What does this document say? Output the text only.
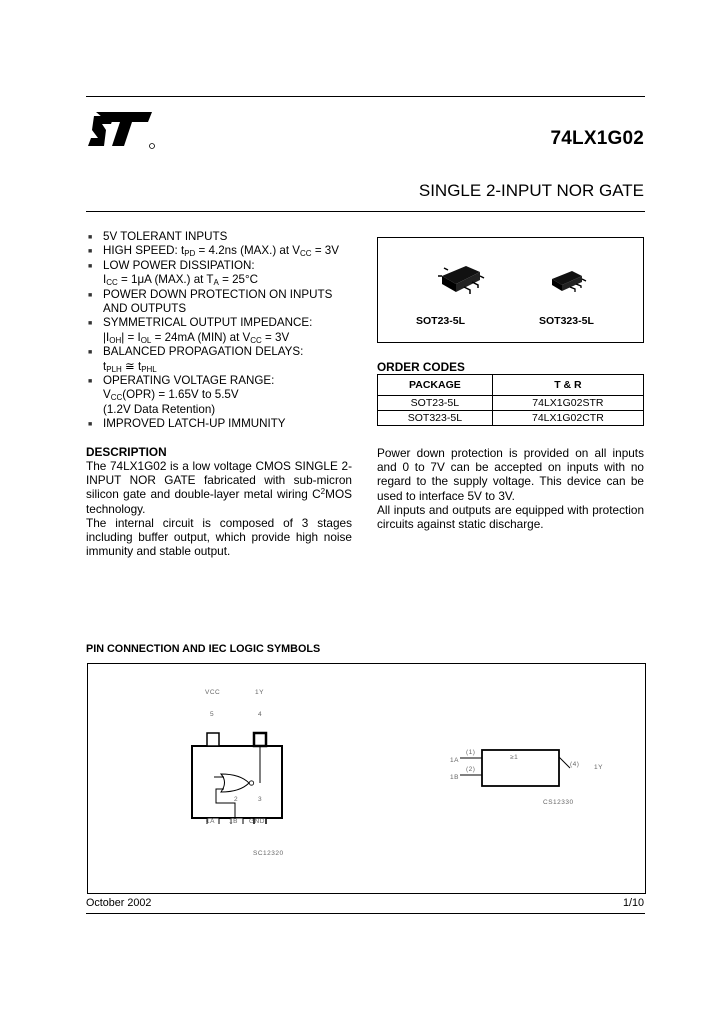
74LX1G02
SINGLE 2-INPUT NOR GATE
■ 5V TOLERANT INPUTS
■ HIGH SPEED: $t_{PD} = 4.2ns$ (MAX.) at $V_{CC} = 3V$
■ LOW POWER DISSIPATION:
$I_{CC} = 1\mu A$ (MAX.) at $T_A = 25^\circ C$
■ POWER DOWN PROTECTION ON INPUTS
AND OUTPUTS
■ SYMMETRICAL OUTPUT IMPEDANCE:
$|I_{OH}| = I_{OL} = 24mA$ (MIN) at $V_{CC} = 3V$
■ BALANCED PROPAGATION DELAYS:
$t_{PLH}$ ≅ $t_{PHL}$
■ OPERATING VOLTAGE RANGE:
$V_{CC}(OPR) = 1.65V$ to 5.5V
(1.2V Data Retention)
■ IMPROVED LATCH-UP IMMUNITY
SOT23-5L	SOT323-5L
ORDER CODES
PACKAGE	T & R
SOT23-5L	74LX1G02STR
SOT323-5L	74LX1G02CTR
DESCRIPTION
The 74LX1G02 is a low voltage CMOS SINGLE 2-INPUT NOR GATE fabricated with sub-micron silicon gate and double-layer metal wiring $C^2MOS$ technology.
The internal circuit is composed of 3 stages including buffer output, which provide high noise immunity and stable output.
Power down protection is provided on all inputs and 0 to 7V can be accepted on inputs with no regard to the supply voltage. This device can be used to interface 5V to 3V.
All inputs and outputs are equipped with protection circuits against static discharge.
PIN CONNECTION AND IEC LOGIC SYMBOLS
VCC	1Y
5	4
2	3
1A 1B GND
SC12320
1A
1B
(1)
(2)
≥1
(4) 1Y
CS12330
October 2002	1/10
